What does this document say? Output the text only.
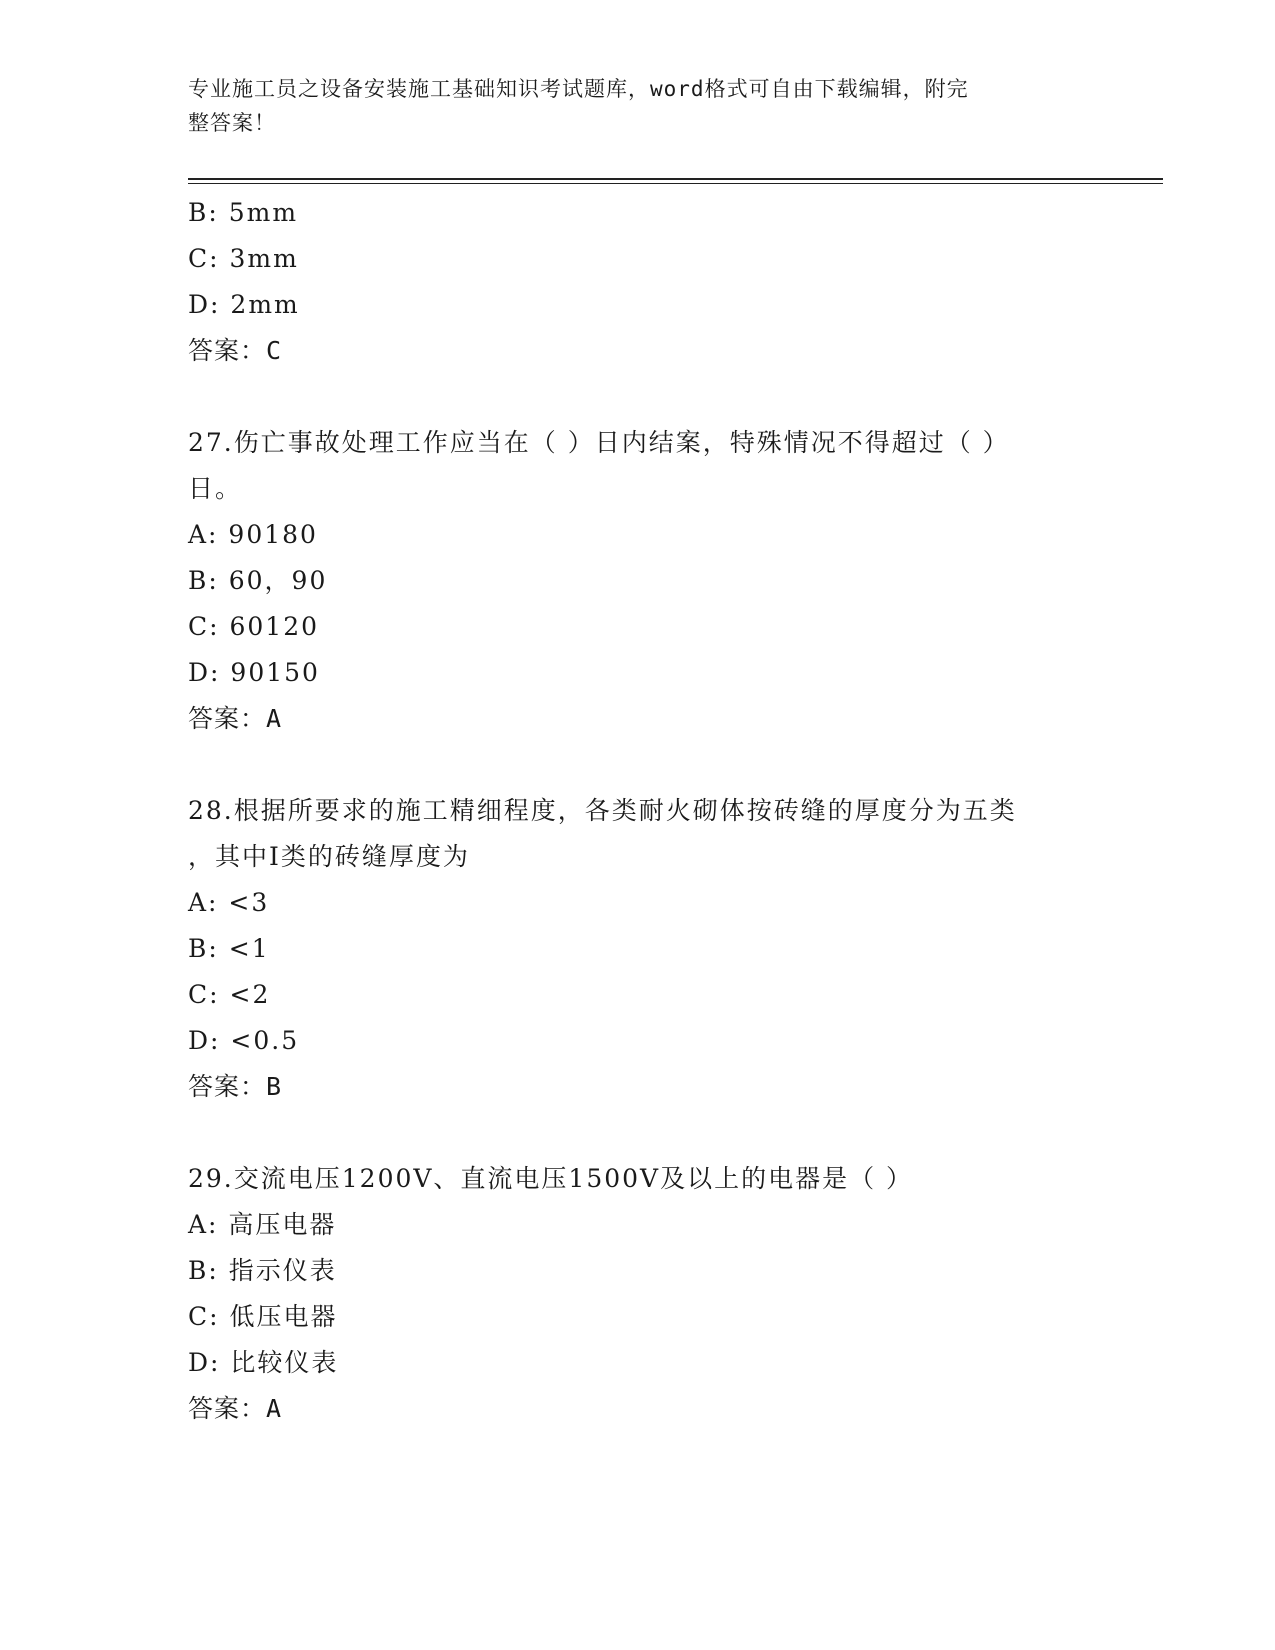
专业施工员之设备安装施工基础知识考试题库，word格式可自由下载编辑，附完
整答案！
B: 5mm
C: 3mm
D: 2mm
答案：C
27.伤亡事故处理工作应当在（ ）日内结案，特殊情况不得超过（ ）
日。
A: 90180
B: 60，90
C: 60120
D: 90150
答案：A
28.根据所要求的施工精细程度，各类耐火砌体按砖缝的厚度分为五类
，其中Ⅰ类的砖缝厚度为
A: <3
B: <1
C: <2
D: <0.5
答案：B
29.交流电压1200V、直流电压1500V及以上的电器是（ ）
A: 高压电器
B: 指示仪表
C: 低压电器
D: 比较仪表
答案：A
